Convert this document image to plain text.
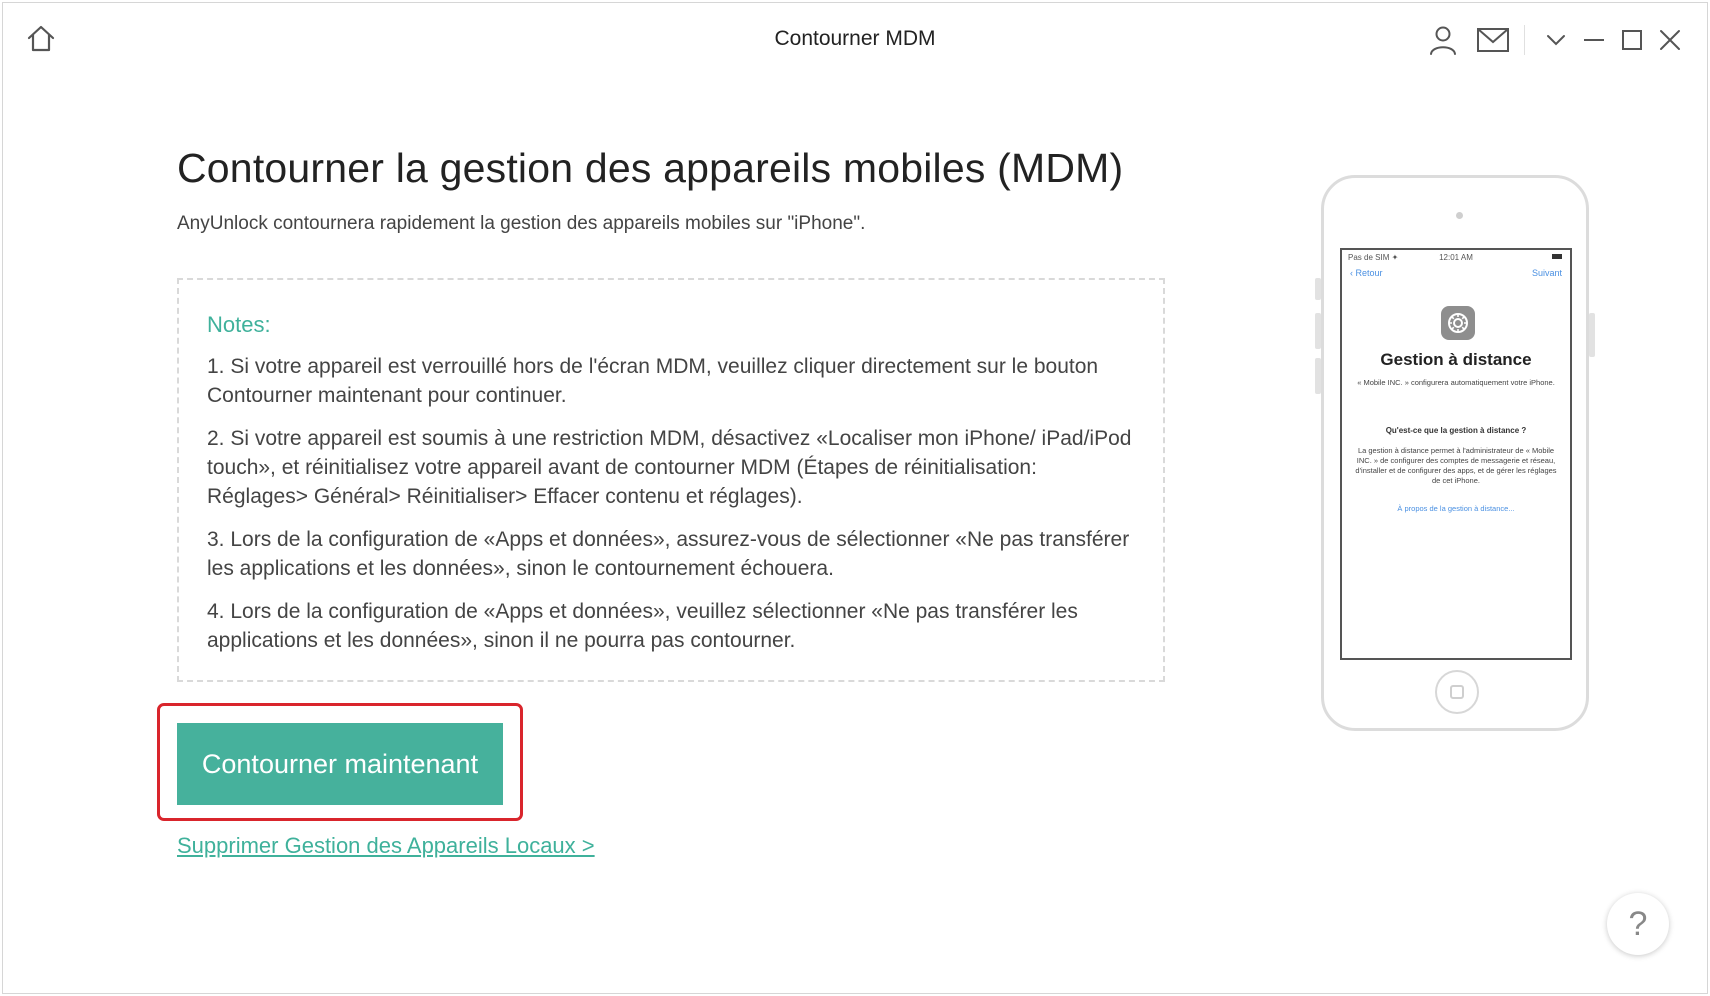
Contourner MDM
Contourner la gestion des appareils mobiles (MDM)
AnyUnlock contournera rapidement la gestion des appareils mobiles sur "iPhone".
Notes:
1. Si votre appareil est verrouillé hors de l'écran MDM, veuillez cliquer directement sur le bouton Contourner maintenant pour continuer.
2. Si votre appareil est soumis à une restriction MDM, désactivez «Localiser mon iPhone/ iPad/iPod touch», et réinitialisez votre appareil avant de contourner MDM (Étapes de réinitialisation: Réglages> Général> Réinitialiser> Effacer contenu et réglages).
3. Lors de la configuration de «Apps et données», assurez-vous de sélectionner «Ne pas transférer les applications et les données», sinon le contournement échouera.
4. Lors de la configuration de «Apps et données», veuillez sélectionner «Ne pas transférer les applications et les données», sinon il ne pourra pas contourner.
Contourner maintenant
Supprimer Gestion des Appareils Locaux >
Pas de SIM ✦	12:01 AM
‹ Retour	Suivant
Gestion à distance
« Mobile INC. » configurera automatiquement votre iPhone.
Qu'est-ce que la gestion à distance ?
La gestion à distance permet à l'administrateur de « Mobile INC. » de configurer des comptes de messagerie et réseau, d'installer et de configurer des apps, et de gérer les réglages de cet iPhone.
À propos de la gestion à distance...
?
